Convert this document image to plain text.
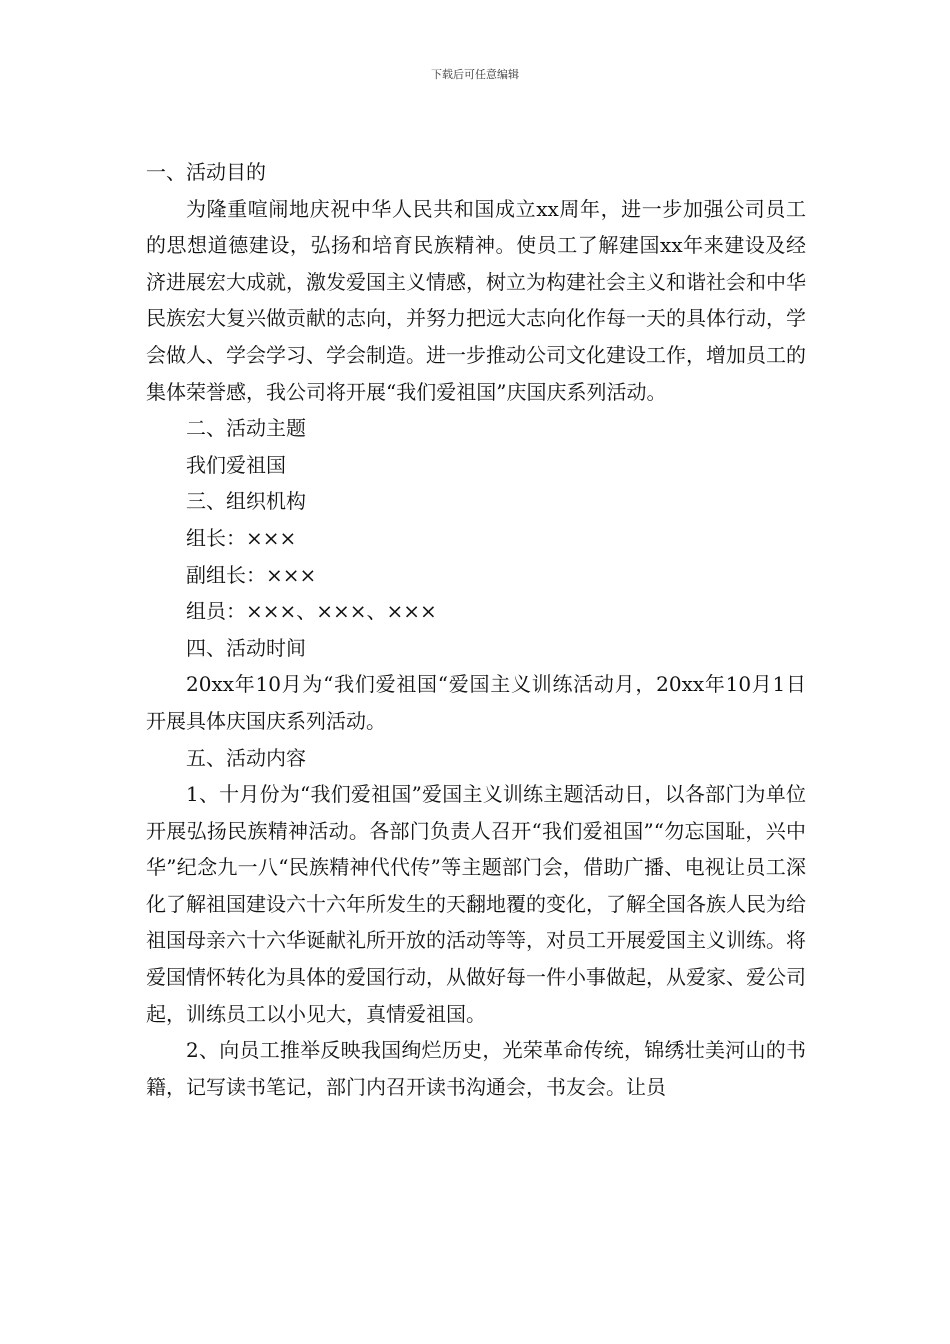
下载后可任意编辑

一、活动目的

为隆重喧闹地庆祝中华人民共和国成立xx周年，进一步加强公司员工的思想道德建设，弘扬和培育民族精神。使员工了解建国xx年来建设及经济进展宏大成就，激发爱国主义情感，树立为构建社会主义和谐社会和中华民族宏大复兴做贡献的志向，并努力把远大志向化作每一天的具体行动，学会做人、学会学习、学会制造。进一步推动公司文化建设工作，增加员工的集体荣誉感，我公司将开展“我们爱祖国”庆国庆系列活动。

二、活动主题

我们爱祖国

三、组织机构

组长：×××

副组长：×××

组员：×××、×××、×××

四、活动时间

20xx年10月为“我们爱祖国“爱国主义训练活动月，20xx年10月1日开展具体庆国庆系列活动。

五、活动内容

1、十月份为“我们爱祖国”爱国主义训练主题活动日，以各部门为单位开展弘扬民族精神活动。各部门负责人召开“我们爱祖国”“勿忘国耻，兴中华”纪念九一八“民族精神代代传”等主题部门会，借助广播、电视让员工深化了解祖国建设六十六年所发生的天翻地覆的变化，了解全国各族人民为给祖国母亲六十六华诞献礼所开放的活动等等，对员工开展爱国主义训练。将爱国情怀转化为具体的爱国行动，从做好每一件小事做起，从爱家、爱公司起，训练员工以小见大，真情爱祖国。

2、向员工推举反映我国绚烂历史，光荣革命传统，锦绣壮美河山的书籍，记写读书笔记，部门内召开读书沟通会，书友会。让员
